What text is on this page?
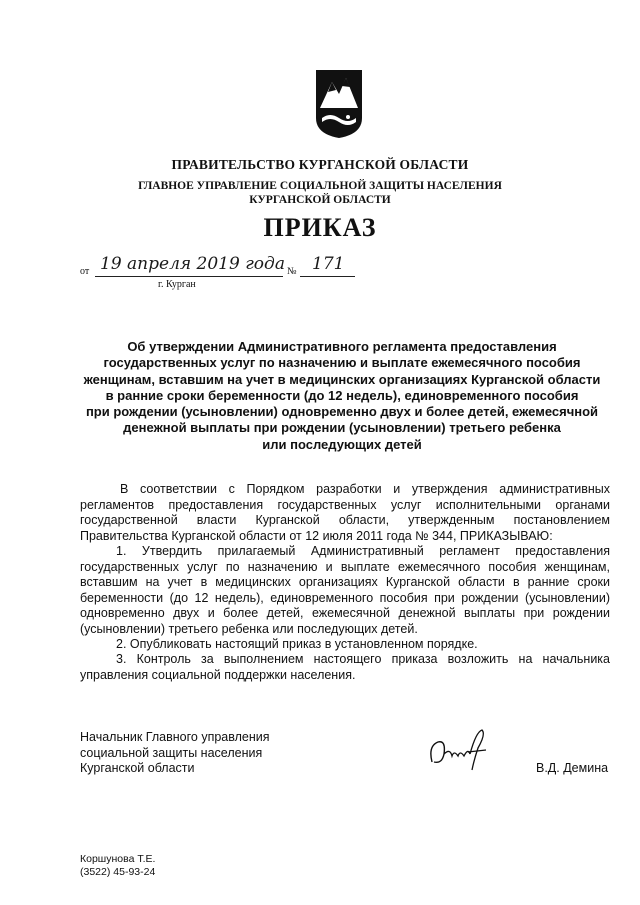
ПРАВИТЕЛЬСТВО КУРГАНСКОЙ ОБЛАСТИ
ГЛАВНОЕ УПРАВЛЕНИЕ СОЦИАЛЬНОЙ ЗАЩИТЫ НАСЕЛЕНИЯ
КУРГАНСКОЙ ОБЛАСТИ
ПРИКАЗ
от 19 апреля 2019 года № 171
г. Курган
Об утверждении Административного регламента предоставления
государственных услуг по назначению и выплате ежемесячного пособия
женщинам, вставшим на учет в медицинских организациях Курганской области
в ранние сроки беременности (до 12 недель), единовременного пособия
при рождении (усыновлении) одновременно двух и более детей, ежемесячной
денежной выплаты при рождении (усыновлении) третьего ребенка
или последующих детей
В соответствии с Порядком разработки и утверждения административных регламентов предоставления государственных услуг исполнительными органами государственной власти Курганской области, утвержденным постановлением Правительства Курганской области от 12 июля 2011 года № 344, ПРИКАЗЫВАЮ:
1. Утвердить прилагаемый Административный регламент предоставления государственных услуг по назначению и выплате ежемесячного пособия женщинам, вставшим на учет в медицинских организациях Курганской области в ранние сроки беременности (до 12 недель), единовременного пособия при рождении (усыновлении) одновременно двух и более детей, ежемесячной денежной выплаты при рождении (усыновлении) третьего ребенка или последующих детей.
2. Опубликовать настоящий приказ в установленном порядке.
3. Контроль за выполнением настоящего приказа возложить на начальника управления социальной поддержки населения.
Начальник Главного управления
социальной защиты населения
Курганской области	В.Д. Демина
Коршунова Т.Е.
(3522) 45-93-24
